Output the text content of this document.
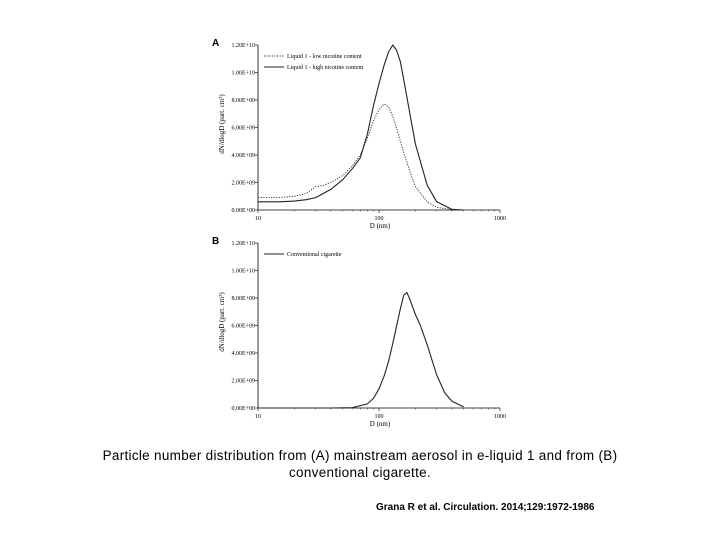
A
dN/dlogD (part. cm³)
0.00E+00
2.00E+09
4.00E+09
6.00E+09
8.00E+09
1.00E+10
1.20E+10
10	100	1000
Liquid 1 - low nicotine content
Liquid 1 - high nicotine content
D (nm)
B
dN/dlogD (part. cm³)
0.00E+00
2.00E+09
4.00E+09
6.00E+09
8.00E+09
1.00E+10
1.20E+10
10	100	1000
Conventional cigarette
D (nm)
Particle number distribution from (A) mainstream aerosol in e-liquid 1 and from (B)
conventional cigarette.
Grana R et al. Circulation. 2014;129:1972-1986
